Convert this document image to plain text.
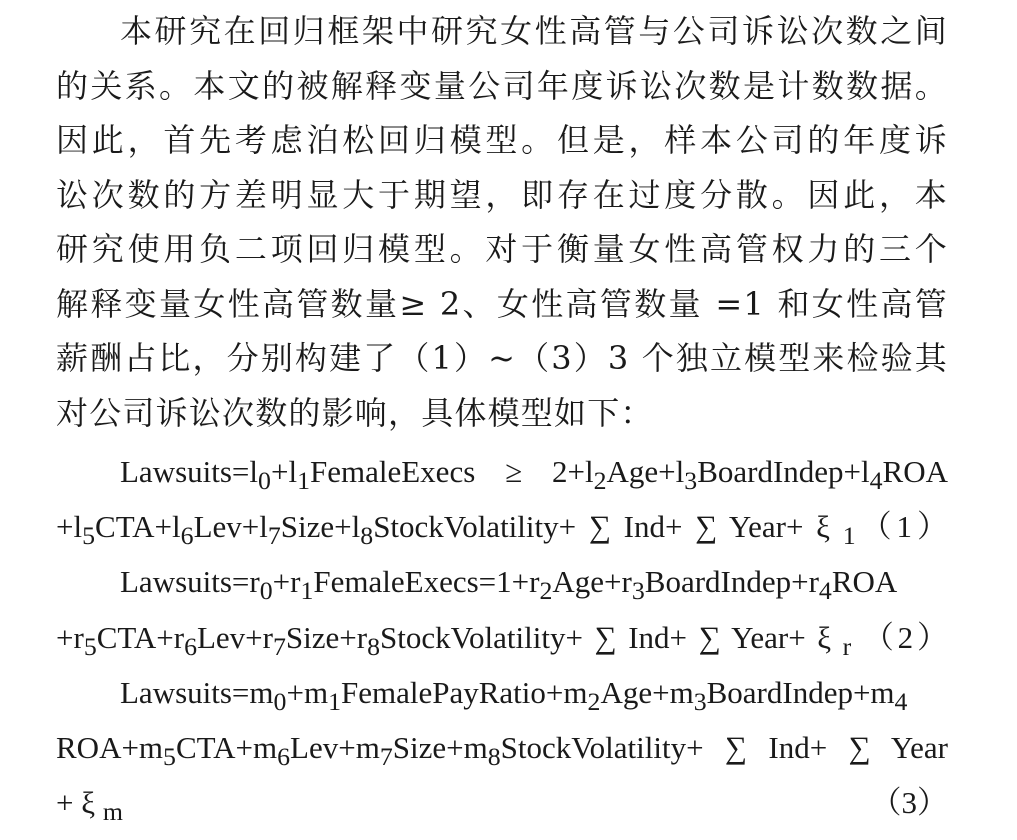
本研究在回归框架中研究女性高管与公司诉讼次数之间
的关系。本文的被解释变量公司年度诉讼次数是计数数据。
因此，首先考虑泊松回归模型。但是，样本公司的年度诉
讼次数的方差明显大于期望，即存在过度分散。因此，本
研究使用负二项回归模型。对于衡量女性高管权力的三个
解释变量女性高管数量≥ 2、女性高管数量 =1 和女性高管
薪酬占比，分别构建了（1）~（3）3 个独立模型来检验其
对公司诉讼次数的影响，具体模型如下：
$Lawsuits=l_0+l_1FemaleExecs$ ≥ $2+l_2Age+l_3BoardIndep+l_4ROA$
$+l_5CTA+l_6Lev+l_7Size+l_8StockVolatility+$ ∑ Ind+ ∑ Year+ ξ $_1$（1）
$Lawsuits=r_0+r_1FemaleExecs=1+r_2Age+r_3BoardIndep+r_4ROA$
$+r_5CTA+r_6Lev+r_7Size+r_8StockVolatility+$ ∑ Ind+ ∑ Year+ ξ $_r$ （2）
$Lawsuits=m_0+m_1FemalePayRatio+m_2Age+m_3BoardIndep+m_4$
$ROA+m_5CTA+m_6Lev+m_7Size+m_8StockVolatility+$ ∑ Ind+ ∑ Year
+ ξ $_m$	（3）
